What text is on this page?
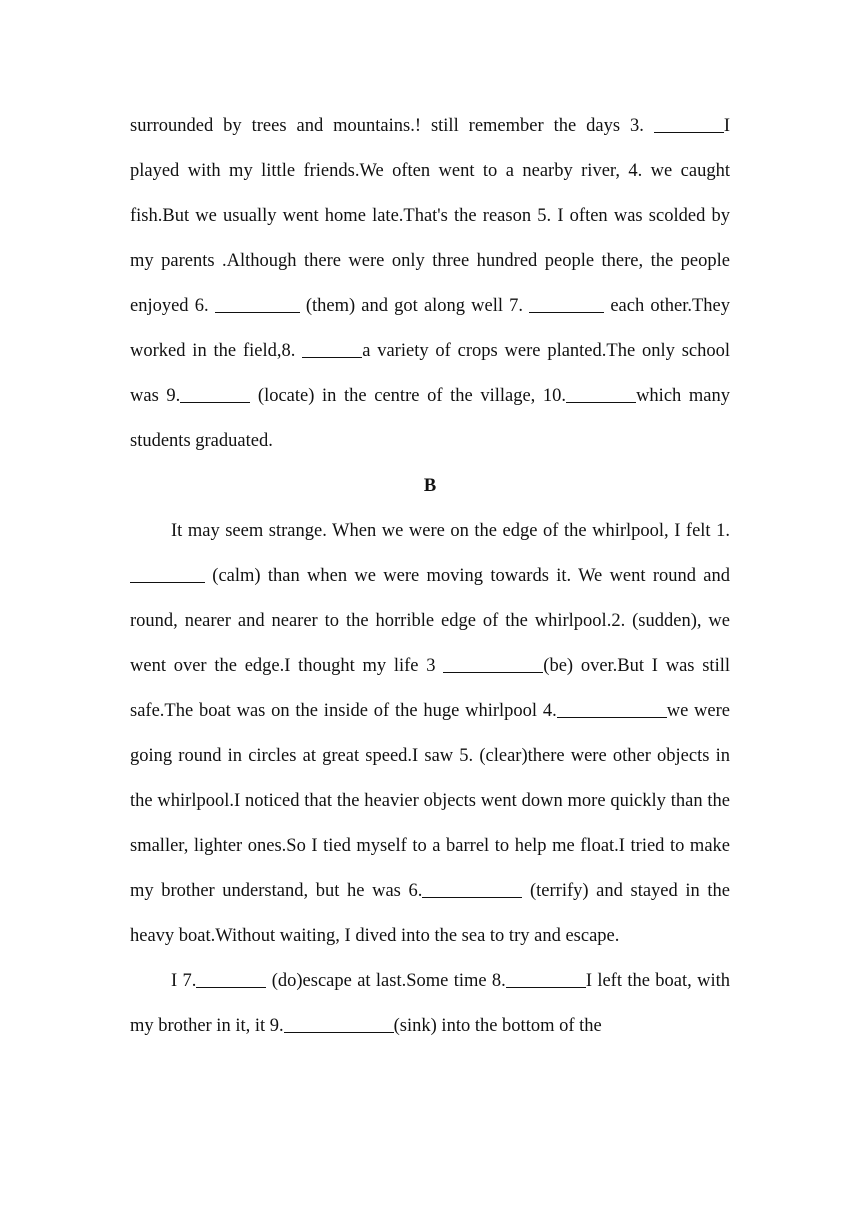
surrounded by trees and mountains.! still remember the days 3.	I played with my little friends.We often went to a nearby river, 4. we caught fish.But we usually went home late.That's the reason 5. I often was scolded by my parents .Although there were only three hundred people there, the people enjoyed 6.	(them) and got along well 7.	each other.They worked in the field,8.	a variety of crops were planted.The only school was 9.	(locate) in the centre of the village, 10.	which many students graduated.

B

It may seem strange. When we were on the edge of the whirlpool, I felt 1.  (calm) than when we were moving towards it. We went round and round, nearer and nearer to the horrible edge of the whirlpool.2. (sudden), we went over the edge.I thought my life 3	(be) over.But I was still safe.The boat was on the inside of the huge whirlpool 4.	we were going round in circles at great speed.I saw 5. (clear)there were other objects in the whirlpool.I noticed that the heavier objects went down more quickly than the smaller, lighter ones.So I tied myself to a barrel to help me float.I tried to make my brother understand, but he was 6.	(terrify) and stayed in the heavy boat.Without waiting, I dived into the sea to try and escape.

I 7.	(do)escape at last.Some time 8.	I left the boat, with my brother in it, it 9.	(sink) into the bottom of the
